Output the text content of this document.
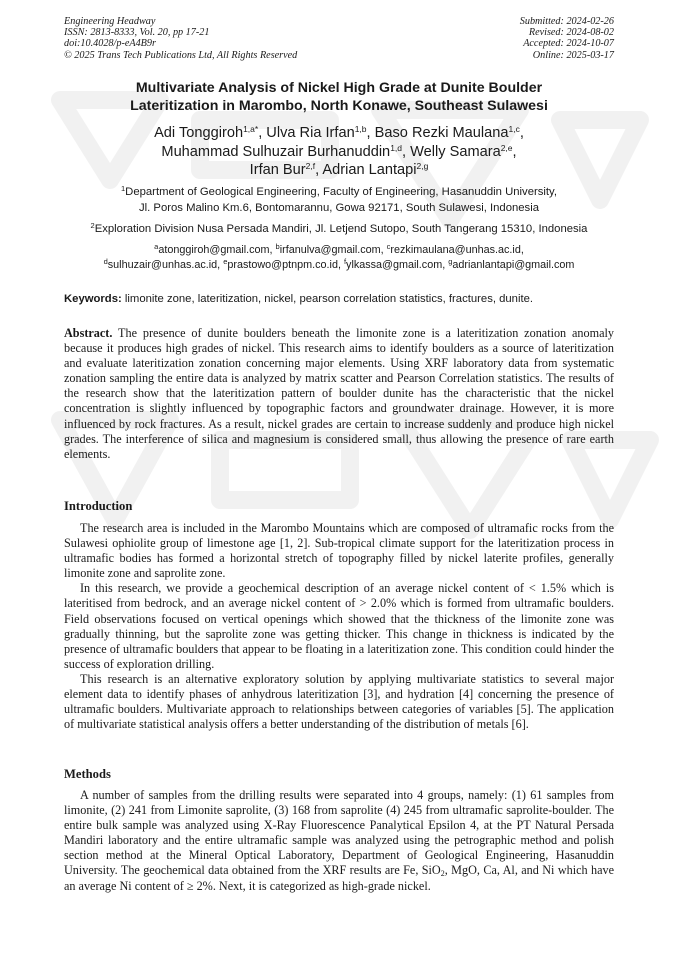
Engineering Headway
ISSN: 2813-8333, Vol. 20, pp 17-21
doi:10.4028/p-eA4B9r
© 2025 Trans Tech Publications Ltd, All Rights Reserved
Submitted: 2024-02-26
Revised: 2024-08-02
Accepted: 2024-10-07
Online: 2025-03-17
Multivariate Analysis of Nickel High Grade at Dunite Boulder
Lateritization in Marombo, North Konawe, Southeast Sulawesi
Adi Tonggiroh$^{1,a*}$, Ulva Ria Irfan$^{1,b}$, Baso Rezki Maulana$^{1,c}$,
Muhammad Sulhuzair Burhanuddin$^{1,d}$, Welly Samara$^{2,e}$,
Irfan Bur$^{2,f}$, Adrian Lantapi$^{2,g}$
$^1$Department of Geological Engineering, Faculty of Engineering, Hasanuddin University,
Jl. Poros Malino Km.6, Bontomarannu, Gowa 92171, South Sulawesi, Indonesia
$^2$Exploration Division Nusa Persada Mandiri, Jl. Letjend Sutopo, South Tangerang 15310, Indonesia
$^a$atonggiroh@gmail.com, $^b$irfanulva@gmail.com, $^c$rezkimaulana@unhas.ac.id,
$^d$sulhuzair@unhas.ac.id, $^e$prastowo@ptnpm.co.id, $^f$ylkassa@gmail.com, $^g$adrianlantapi@gmail.com
Keywords: limonite zone, lateritization, nickel, pearson correlation statistics, fractures, dunite.
Abstract. The presence of dunite boulders beneath the limonite zone is a lateritization zonation anomaly because it produces high grades of nickel. This research aims to identify boulders as a source of lateritization and evaluate lateritization zonation concerning major elements. Using XRF laboratory data from systematic zonation sampling the entire data is analyzed by matrix scatter and Pearson Correlation statistics. The results of the research show that the lateritization pattern of boulder dunite has the characteristic that the nickel concentration is slightly influenced by topographic factors and groundwater drainage. However, it is more influenced by rock fractures. As a result, nickel grades are certain to increase suddenly and produce high nickel grades. The interference of silica and magnesium is considered small, thus allowing the presence of rare earth elements.
Introduction

The research area is included in the Marombo Mountains which are composed of ultramafic rocks from the Sulawesi ophiolite group of limestone age [1, 2]. Sub-tropical climate support for the lateritization process in ultramafic bodies has formed a horizontal stretch of topography filled by nickel laterite profiles, generally limonite zone and saprolite zone.

In this research, we provide a geochemical description of an average nickel content of < 1.5% which is lateritised from bedrock, and an average nickel content of > 2.0% which is formed from ultramafic boulders. Field observations focused on vertical openings which showed that the thickness of the limonite zone was gradually thinning, but the saprolite zone was getting thicker. This change in thickness is indicated by the presence of ultramafic boulders that appear to be floating in a lateritization zone. This condition could hinder the success of exploration drilling.

This research is an alternative exploratory solution by applying multivariate statistics to several major element data to identify phases of anhydrous lateritization [3], and hydration [4] concerning the presence of ultramafic boulders. Multivariate approach to relationships between categories of variables [5]. The application of multivariate statistical analysis offers a better understanding of the distribution of metals [6].

Methods

A number of samples from the drilling results were separated into 4 groups, namely: (1) 61 samples from limonite, (2) 241 from Limonite saprolite, (3) 168 from saprolite (4) 245 from ultramafic saprolite-boulder. The entire bulk sample was analyzed using X-Ray Fluorescence Panalytical Epsilon 4, at the PT Natural Persada Mandiri laboratory and the entire ultramafic sample was analyzed using the petrographic method and polish section method at the Mineral Optical Laboratory, Department of Geological Engineering, Hasanuddin University. The geochemical data obtained from the XRF results are Fe, SiO$_2$, MgO, Ca, Al, and Ni which have an average Ni content of ≥ 2%. Next, it is categorized as high-grade nickel.
